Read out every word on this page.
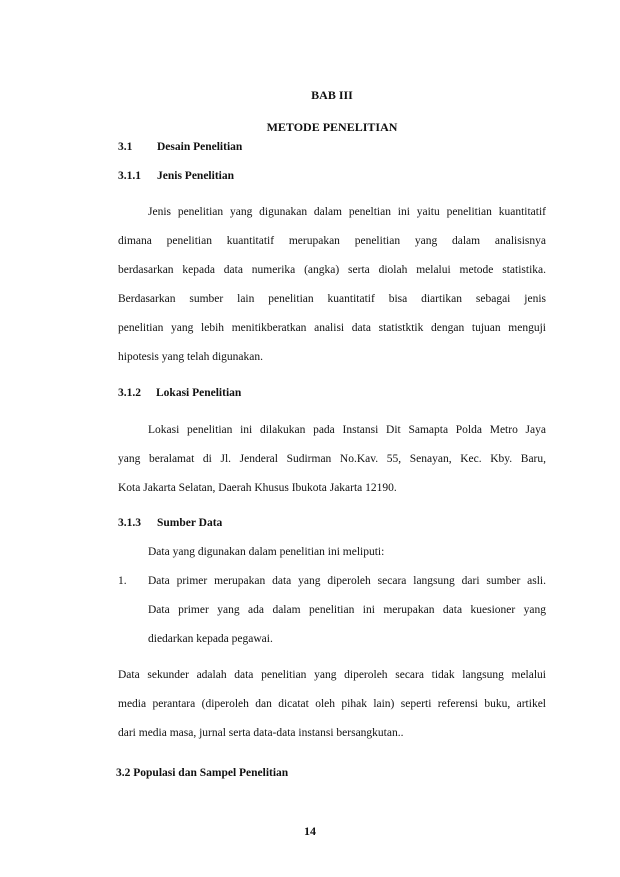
BAB III
METODE PENELITIAN
3.1 Desain Penelitian
3.1.1 Jenis Penelitian
Jenis penelitian yang digunakan dalam peneltian ini yaitu penelitian kuantitatif
dimana penelitian kuantitatif merupakan penelitian yang dalam analisisnya
berdasarkan kepada data numerika (angka) serta diolah melalui metode statistika.
Berdasarkan sumber lain penelitian kuantitatif bisa diartikan sebagai jenis
penelitian yang lebih menitikberatkan analisi data statistktik dengan tujuan menguji
hipotesis yang telah digunakan.
3.1.2 Lokasi Penelitian
Lokasi penelitian ini dilakukan pada Instansi Dit Samapta Polda Metro Jaya
yang beralamat di Jl. Jenderal Sudirman No.Kav. 55, Senayan, Kec. Kby. Baru,
Kota Jakarta Selatan, Daerah Khusus Ibukota Jakarta 12190.
3.1.3 Sumber Data
Data yang digunakan dalam penelitian ini meliputi:
1. Data primer merupakan data yang diperoleh secara langsung dari sumber asli.
Data primer yang ada dalam penelitian ini merupakan data kuesioner yang
diedarkan kepada pegawai.
Data sekunder adalah data penelitian yang diperoleh secara tidak langsung melalui
media perantara (diperoleh dan dicatat oleh pihak lain) seperti referensi buku, artikel
dari media masa, jurnal serta data-data instansi bersangkutan..
3.2 Populasi dan Sampel Penelitian
14
